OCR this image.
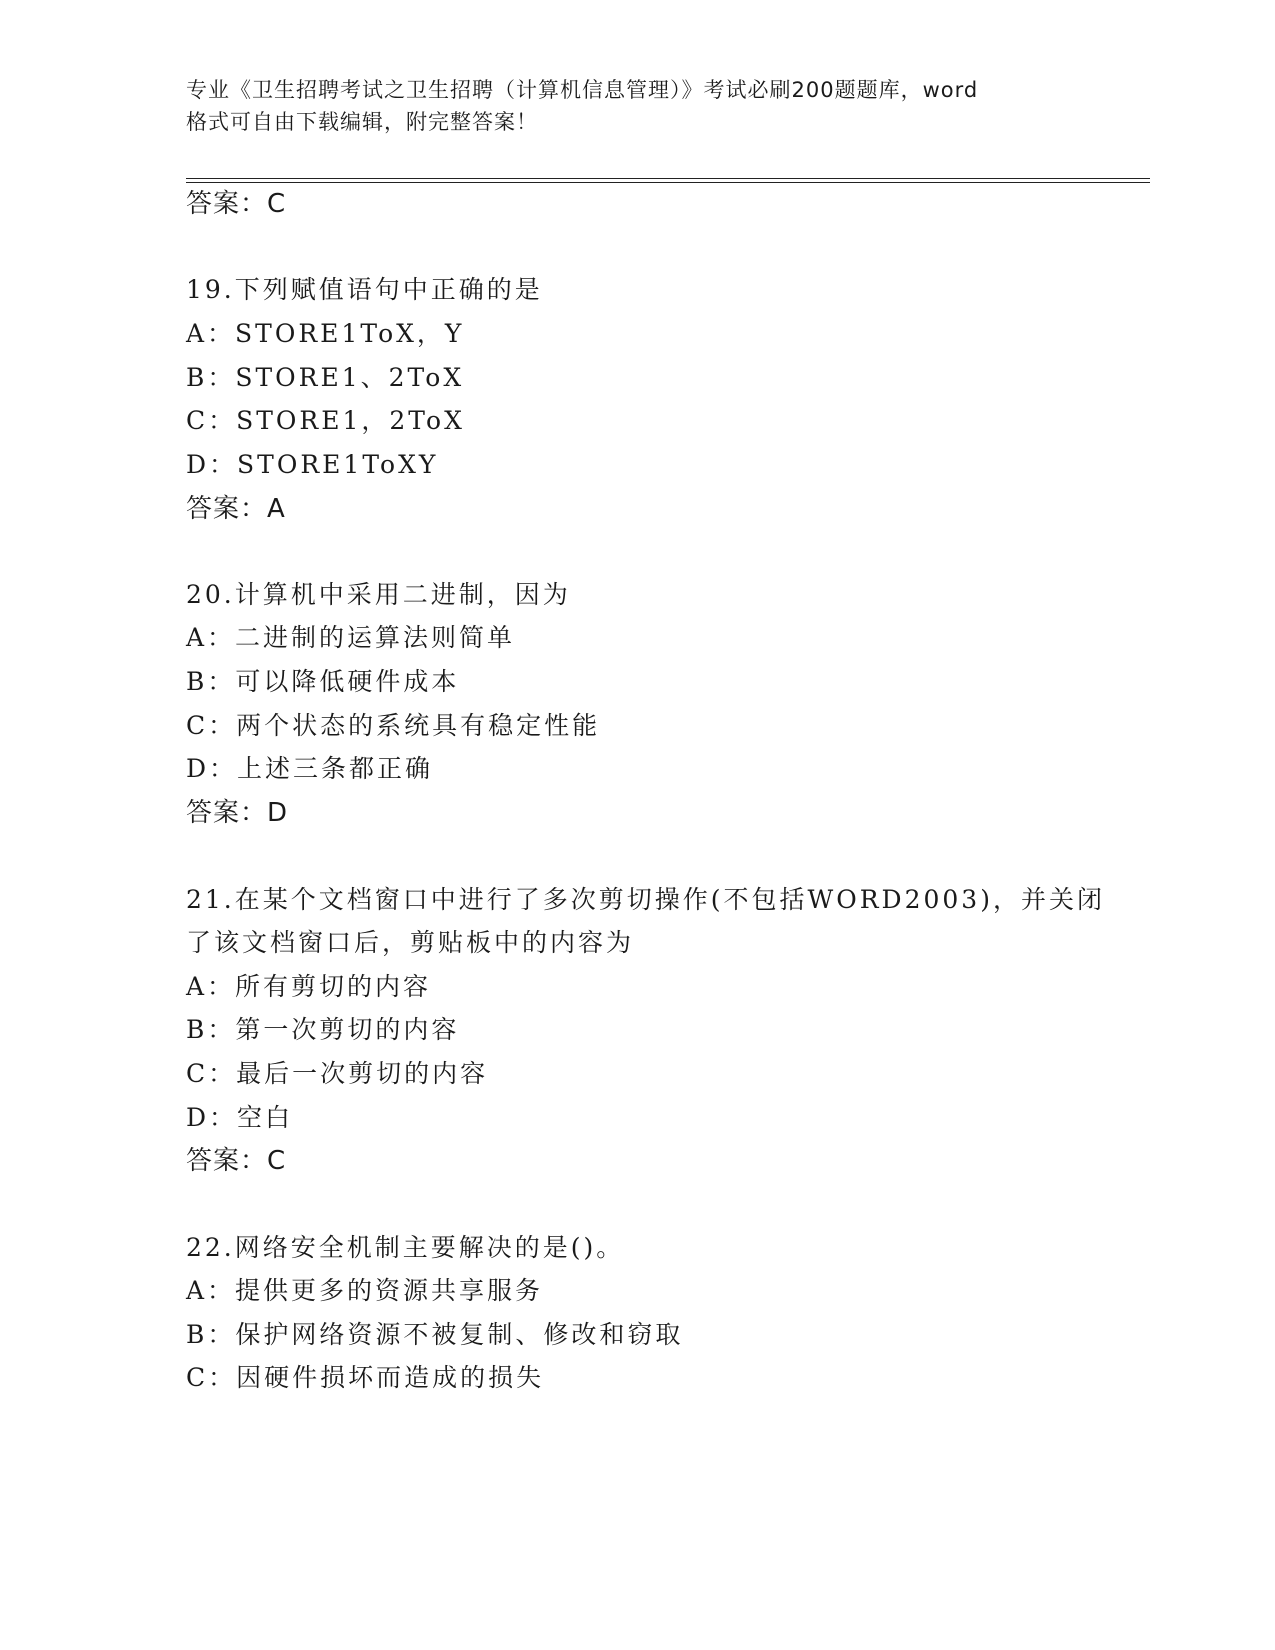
专业《卫生招聘考试之卫生招聘（计算机信息管理）》考试必刷200题题库，word
格式可自由下载编辑，附完整答案！

答案：C

19.下列赋值语句中正确的是

A：STORE1ToX，Y

B：STORE1、2ToX

C：STORE1，2ToX

D：STORE1ToXY

答案：A

20.计算机中采用二进制，因为

A：二进制的运算法则简单

B：可以降低硬件成本

C：两个状态的系统具有稳定性能

D：上述三条都正确

答案：D

21.在某个文档窗口中进行了多次剪切操作(不包括WORD2003)，并关闭

了该文档窗口后，剪贴板中的内容为

A：所有剪切的内容

B：第一次剪切的内容

C：最后一次剪切的内容

D：空白

答案：C

22.网络安全机制主要解决的是()。

A：提供更多的资源共享服务

B：保护网络资源不被复制、修改和窃取

C：因硬件损坏而造成的损失
